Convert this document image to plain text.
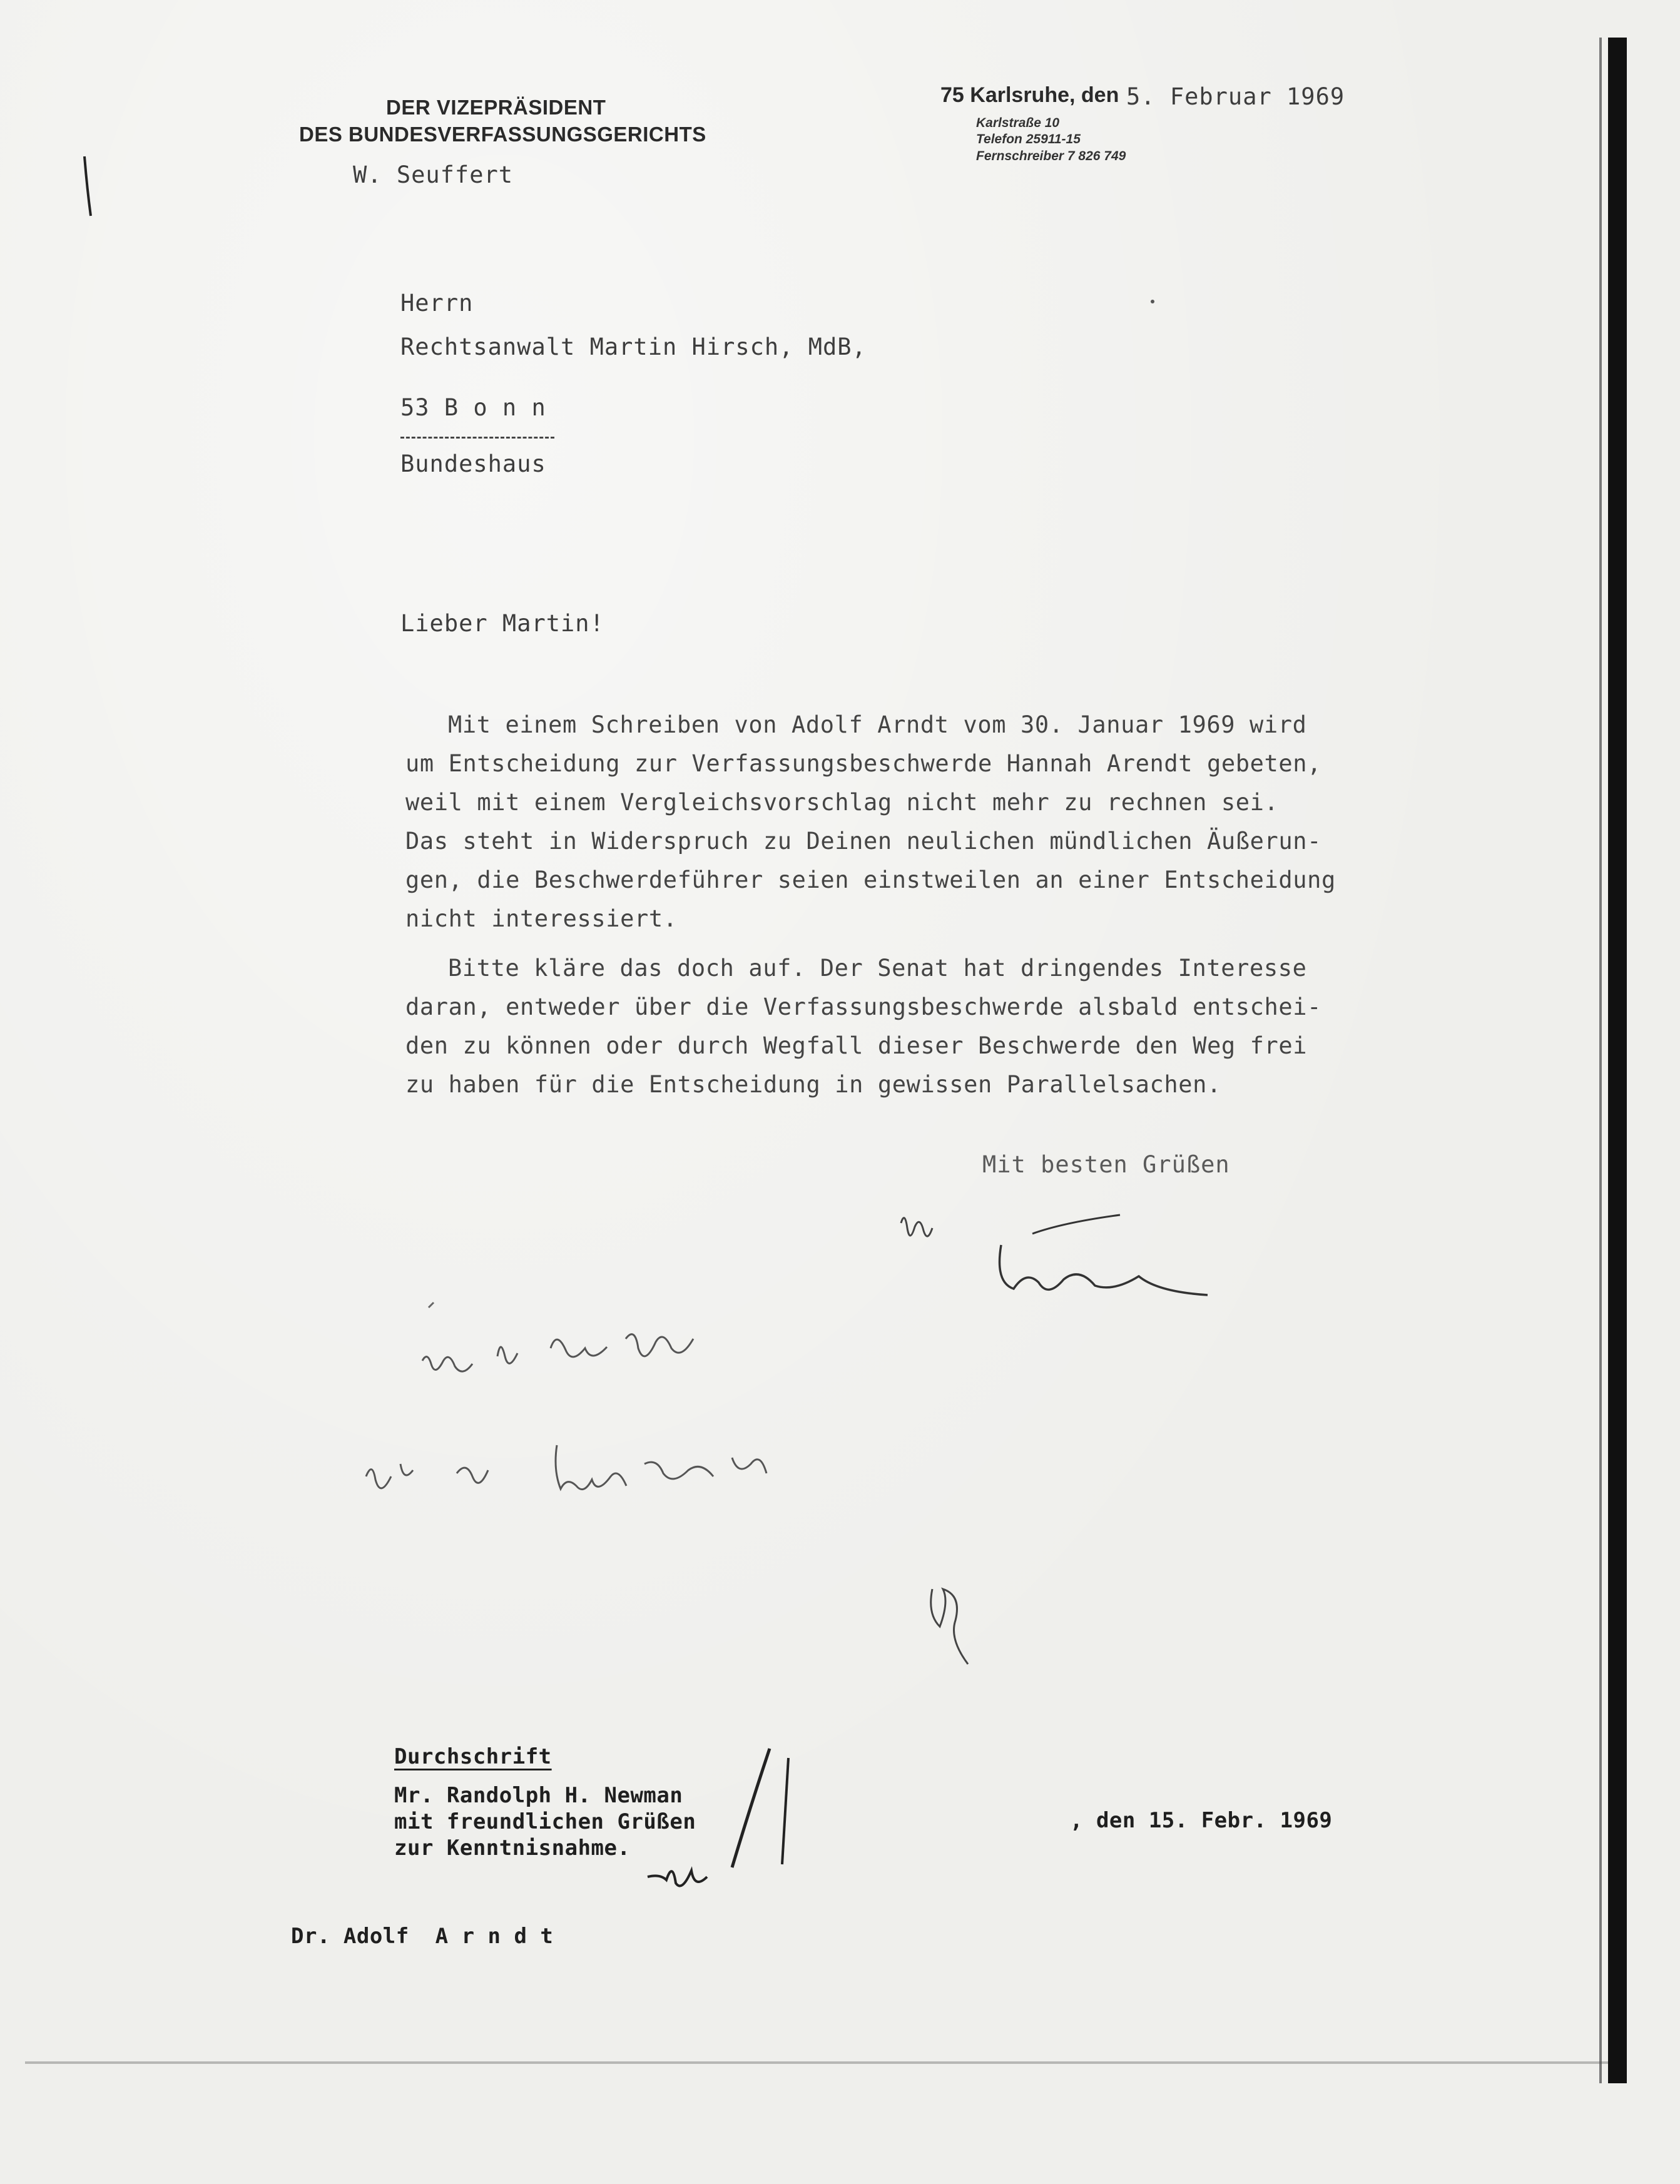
DER VIZEPRÄSIDENT
DES BUNDESVERFASSUNGSGERICHTS
W. Seuffert
75 Karlsruhe, den 5. Februar 1969
Karlstraße 10
Telefon 25911-15
Fernschreiber 7 826 749
Herrn
Rechtsanwalt Martin Hirsch, MdB,
53 B o n n
Bundeshaus
Lieber Martin!
Mit einem Schreiben von Adolf Arndt vom 30. Januar 1969 wird
um Entscheidung zur Verfassungsbeschwerde Hannah Arendt gebeten,
weil mit einem Vergleichsvorschlag nicht mehr zu rechnen sei.
Das steht in Widerspruch zu Deinen neulichen mündlichen Äußerun-
gen, die Beschwerdeführer seien einstweilen an einer Entscheidung
nicht interessiert.
Bitte kläre das doch auf. Der Senat hat dringendes Interesse
daran, entweder über die Verfassungsbeschwerde alsbald entschei-
den zu können oder durch Wegfall dieser Beschwerde den Weg frei
zu haben für die Entscheidung in gewissen Parallelsachen.
Mit besten Grüßen
Durchschrift
Mr. Randolph H. Newman
mit freundlichen Grüßen
zur Kenntnisnahme.
, den 15. Febr. 1969
Dr. Adolf  A r n d t
